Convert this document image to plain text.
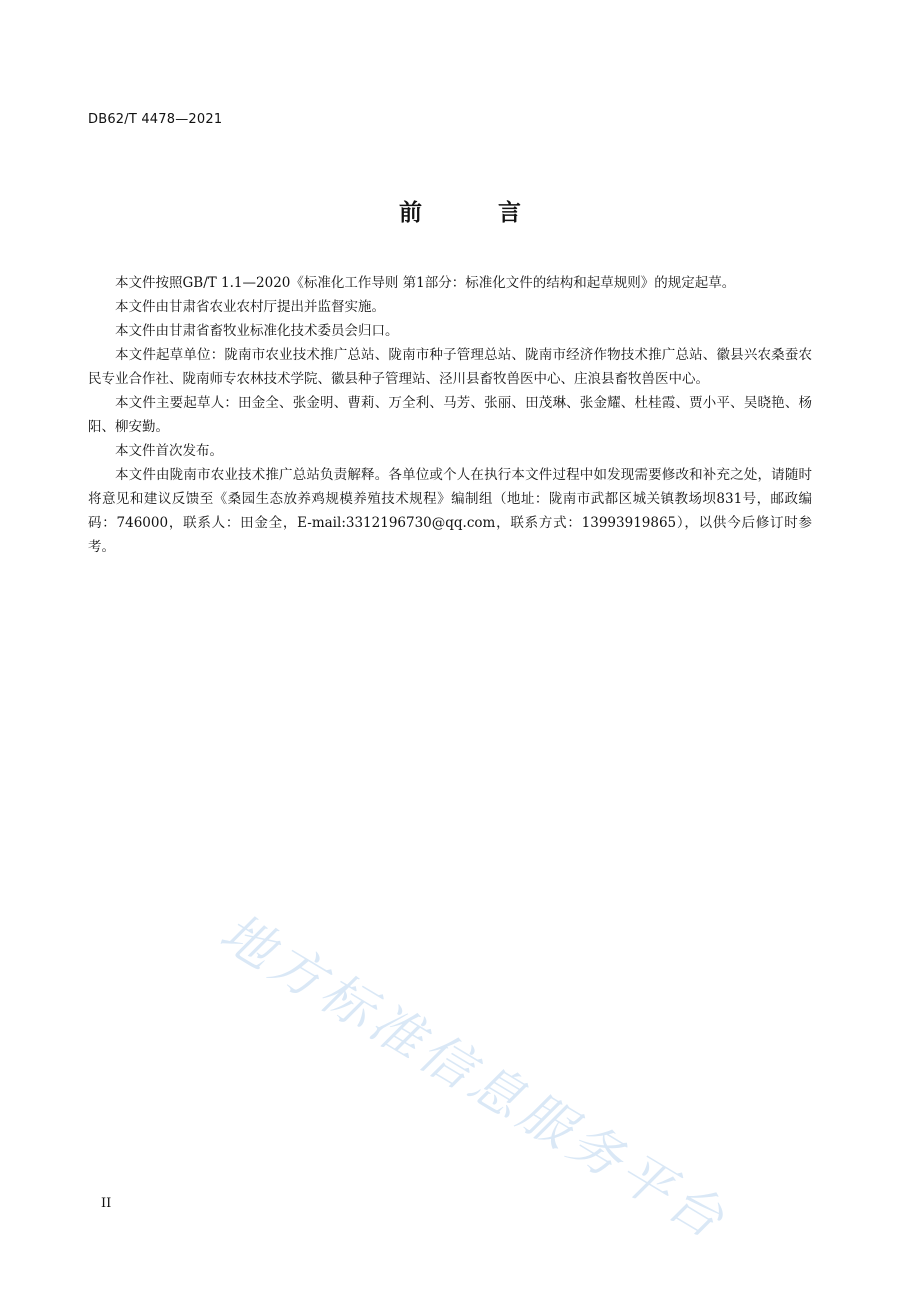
DB62/T 4478—2021
前 言

本文件按照GB/T 1.1—2020《标准化工作导则 第1部分：标准化文件的结构和起草规则》的规定起草。

本文件由甘肃省农业农村厅提出并监督实施。

本文件由甘肃省畜牧业标准化技术委员会归口。

本文件起草单位：陇南市农业技术推广总站、陇南市种子管理总站、陇南市经济作物技术推广总站、徽县兴农桑蚕农民专业合作社、陇南师专农林技术学院、徽县种子管理站、泾川县畜牧兽医中心、庄浪县畜牧兽医中心。

本文件主要起草人：田金全、张金明、曹莉、万全利、马芳、张丽、田茂琳、张金耀、杜桂霞、贾小平、吴晓艳、杨阳、柳安勤。

本文件首次发布。

本文件由陇南市农业技术推广总站负责解释。各单位或个人在执行本文件过程中如发现需要修改和补充之处，请随时将意见和建议反馈至《桑园生态放养鸡规模养殖技术规程》编制组（地址：陇南市武都区城关镇教场坝831号，邮政编码：746000，联系人：田金全，E-mail:3312196730@qq.com，联系方式：13993919865），以供今后修订时参考。

地方标准信息服务平台
II
